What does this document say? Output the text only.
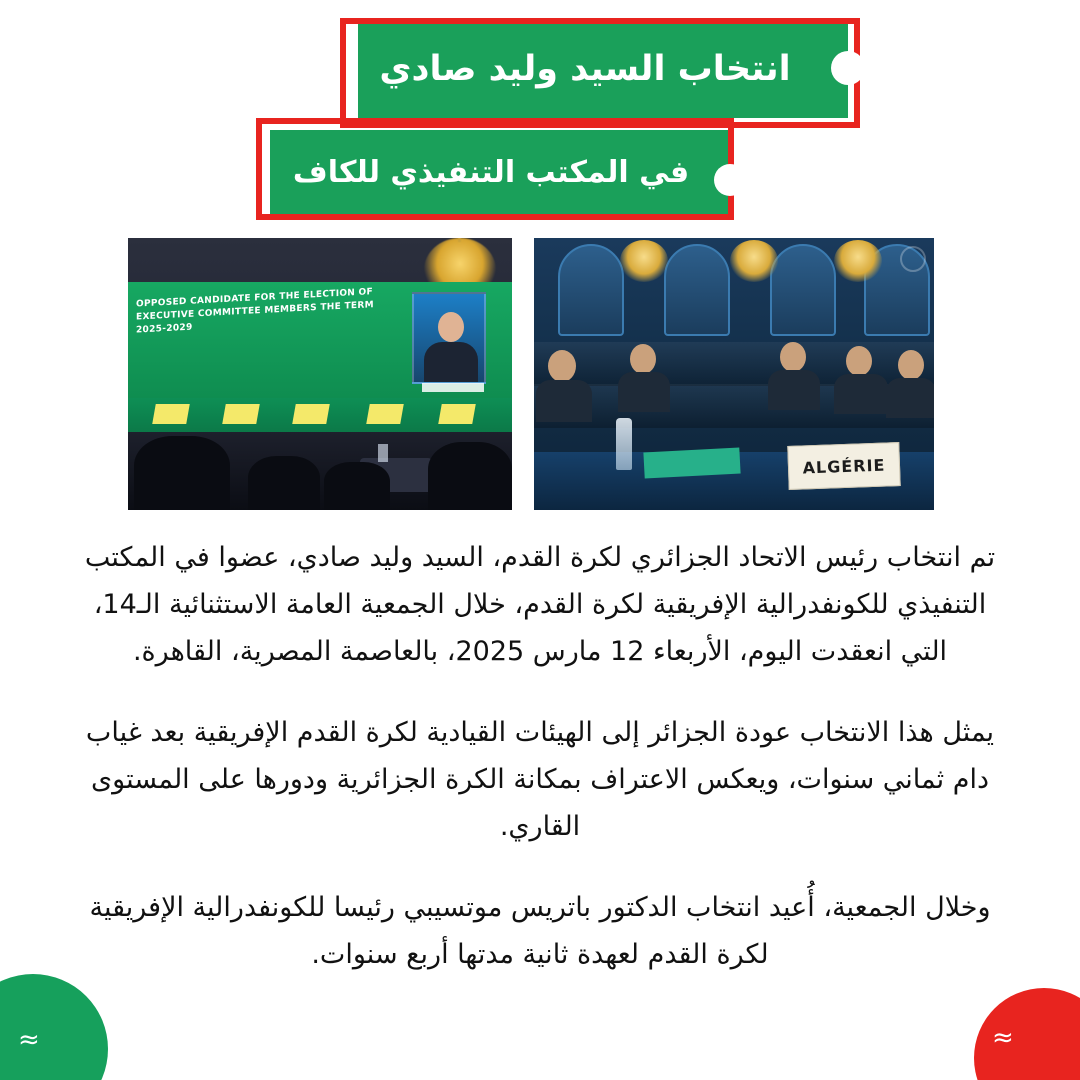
انتخاب السيد وليد صادي
في المكتب التنفيذي للكاف
OPPOSED CANDIDATE FOR THE ELECTION OF EXECUTIVE COMMITTEE MEMBERS THE TERM 2025-2029
ALGÉRIE

تم انتخاب رئيس الاتحاد الجزائري لكرة القدم، السيد وليد صادي، عضوا في المكتب التنفيذي للكونفدرالية الإفريقية لكرة القدم، خلال الجمعية العامة الاستثنائية الـ14، التي انعقدت اليوم، الأربعاء 12 مارس 2025، بالعاصمة المصرية، القاهرة.

يمثل هذا الانتخاب عودة الجزائر إلى الهيئات القيادية لكرة القدم الإفريقية بعد غياب دام ثماني سنوات، ويعكس الاعتراف بمكانة الكرة الجزائرية ودورها على المستوى القاري.

وخلال الجمعية، أُعيد انتخاب الدكتور باتريس موتسيبي رئيسا للكونفدرالية الإفريقية لكرة القدم لعهدة ثانية مدتها أربع سنوات.

≈	≈
